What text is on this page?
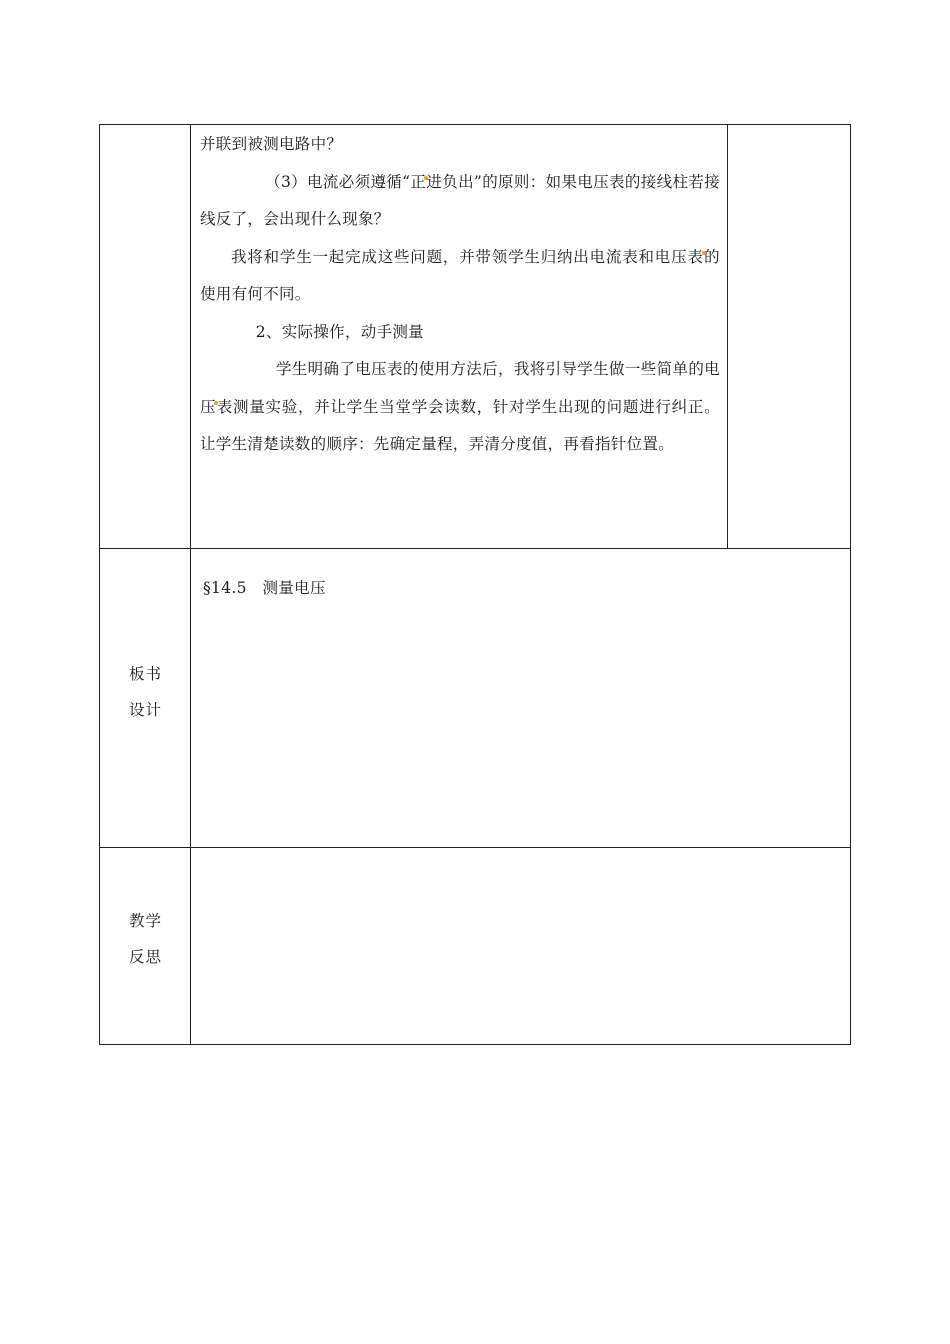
并联到被测电路中？

（3）电流必须遵循“正进负出”的原则：如果电压表的接线柱若接线反了，会出现什么现象？

我将和学生一起完成这些问题，并带领学生归纳出电流表和电压表的使用有何不同。

2、实际操作，动手测量

学生明确了电压表的使用方法后，我将引导学生做一些简单的电压表测量实验，并让学生当堂学会读数，针对学生出现的问题进行纠正。让学生清楚读数的顺序：先确定量程，弄清分度值，再看指针位置。

§14.5　测量电压
板书
设计
教学
反思
